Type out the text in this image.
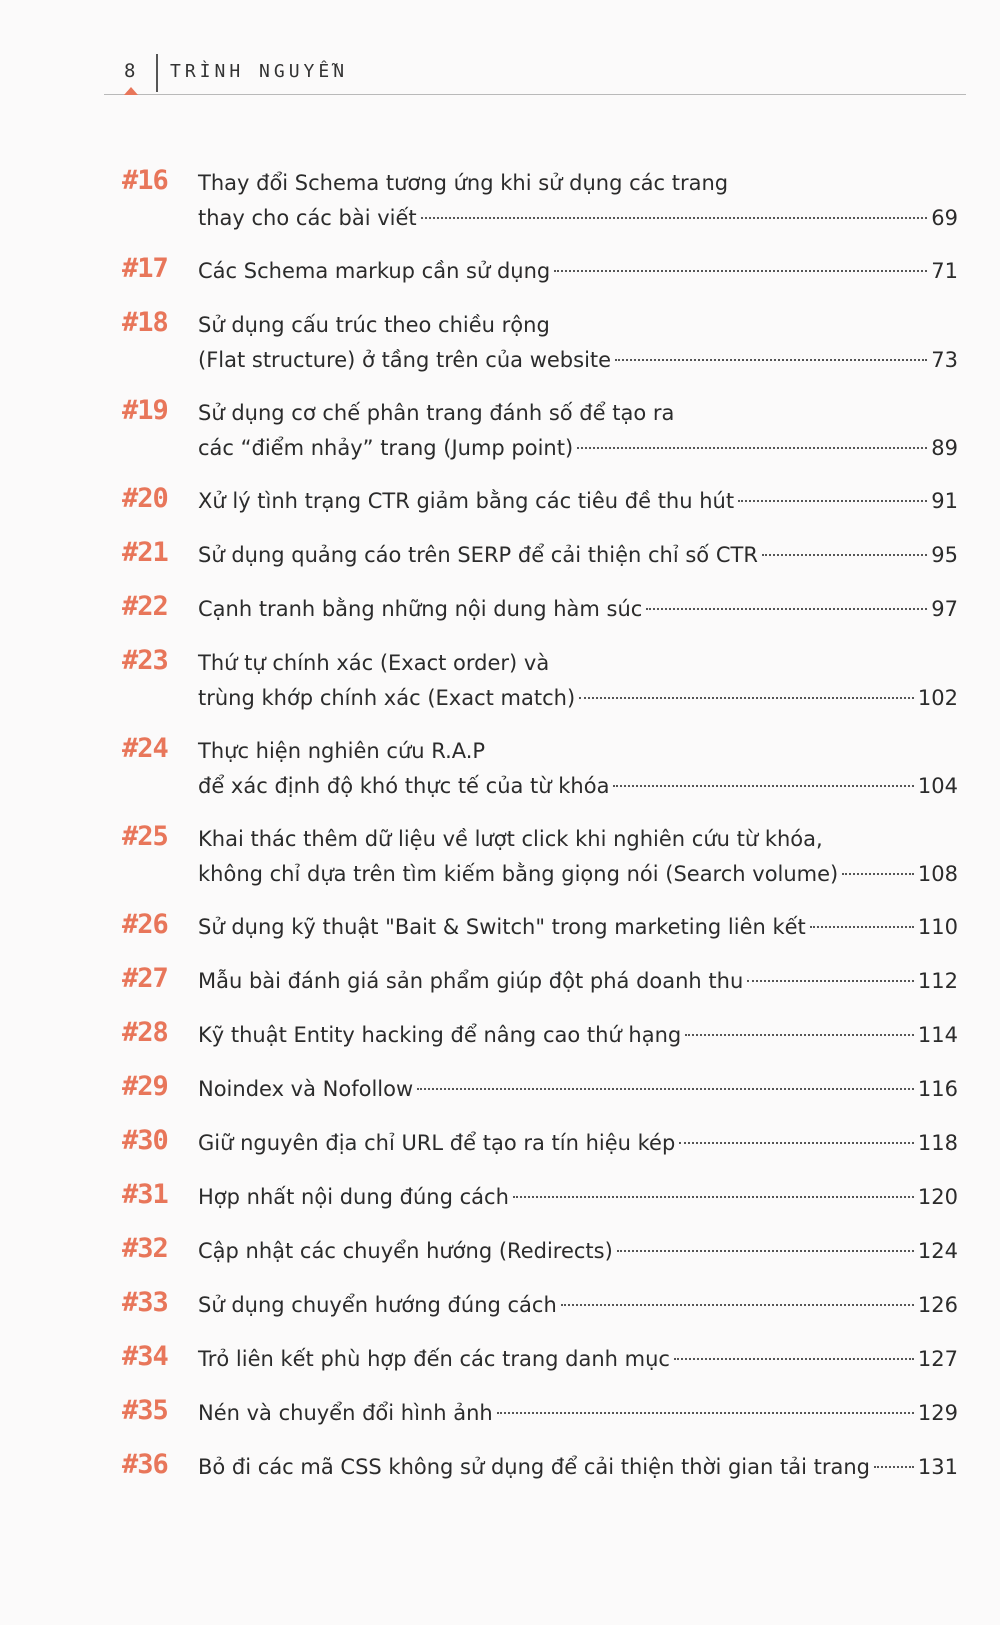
8 TRÌNH NGUYỄN
#16	Thay đổi Schema tương ứng khi sử dụng các trang
thay cho các bài viết	69
#17	Các Schema markup cần sử dụng	71
#18	Sử dụng cấu trúc theo chiều rộng
(Flat structure) ở tầng trên của website	73
#19	Sử dụng cơ chế phân trang đánh số để tạo ra
các “điểm nhảy” trang (Jump point)	89
#20	Xử lý tình trạng CTR giảm bằng các tiêu đề thu hút	91
#21	Sử dụng quảng cáo trên SERP để cải thiện chỉ số CTR	95
#22	Cạnh tranh bằng những nội dung hàm súc	97
#23	Thứ tự chính xác (Exact order) và
trùng khớp chính xác (Exact match)	102
#24	Thực hiện nghiên cứu R.A.P
để xác định độ khó thực tế của từ khóa	104
#25	Khai thác thêm dữ liệu về lượt click khi nghiên cứu từ khóa,
không chỉ dựa trên tìm kiếm bằng giọng nói (Search volume)	108
#26	Sử dụng kỹ thuật "Bait & Switch" trong marketing liên kết	110
#27	Mẫu bài đánh giá sản phẩm giúp đột phá doanh thu	112
#28	Kỹ thuật Entity hacking để nâng cao thứ hạng	114
#29	Noindex và Nofollow	116
#30	Giữ nguyên địa chỉ URL để tạo ra tín hiệu kép	118
#31	Hợp nhất nội dung đúng cách	120
#32	Cập nhật các chuyển hướng (Redirects)	124
#33	Sử dụng chuyển hướng đúng cách	126
#34	Trỏ liên kết phù hợp đến các trang danh mục	127
#35	Nén và chuyển đổi hình ảnh	129
#36	Bỏ đi các mã CSS không sử dụng để cải thiện thời gian tải trang 131
